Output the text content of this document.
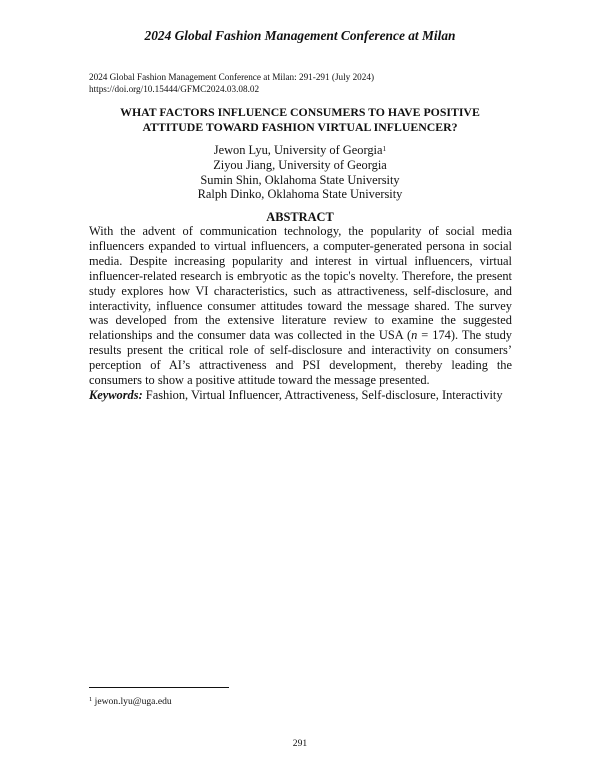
2024 Global Fashion Management Conference at Milan
2024 Global Fashion Management Conference at Milan: 291-291 (July 2024)
https://doi.org/10.15444/GFMC2024.03.08.02
WHAT FACTORS INFLUENCE CONSUMERS TO HAVE POSITIVE
ATTITUDE TOWARD FASHION VIRTUAL INFLUENCER?
Jewon Lyu, University of Georgia$^1$
Ziyou Jiang, University of Georgia
Sumin Shin, Oklahoma State University
Ralph Dinko, Oklahoma State University
ABSTRACT
With the advent of communication technology, the popularity of social media influencers expanded to virtual influencers, a computer-generated persona in social media. Despite increasing popularity and interest in virtual influencers, virtual influencer-related research is embryotic as the topic's novelty. Therefore, the present study explores how VI characteristics, such as attractiveness, self-disclosure, and interactivity, influence consumer attitudes toward the message shared. The survey was developed from the extensive literature review to examine the suggested relationships and the consumer data was collected in the USA (n = 174). The study results present the critical role of self-disclosure and interactivity on consumers’ perception of AI’s attractiveness and PSI development, thereby leading the consumers to show a positive attitude toward the message presented.
Keywords: Fashion, Virtual Influencer, Attractiveness, Self-disclosure, Interactivity
$^1$ jewon.lyu@uga.edu
291
